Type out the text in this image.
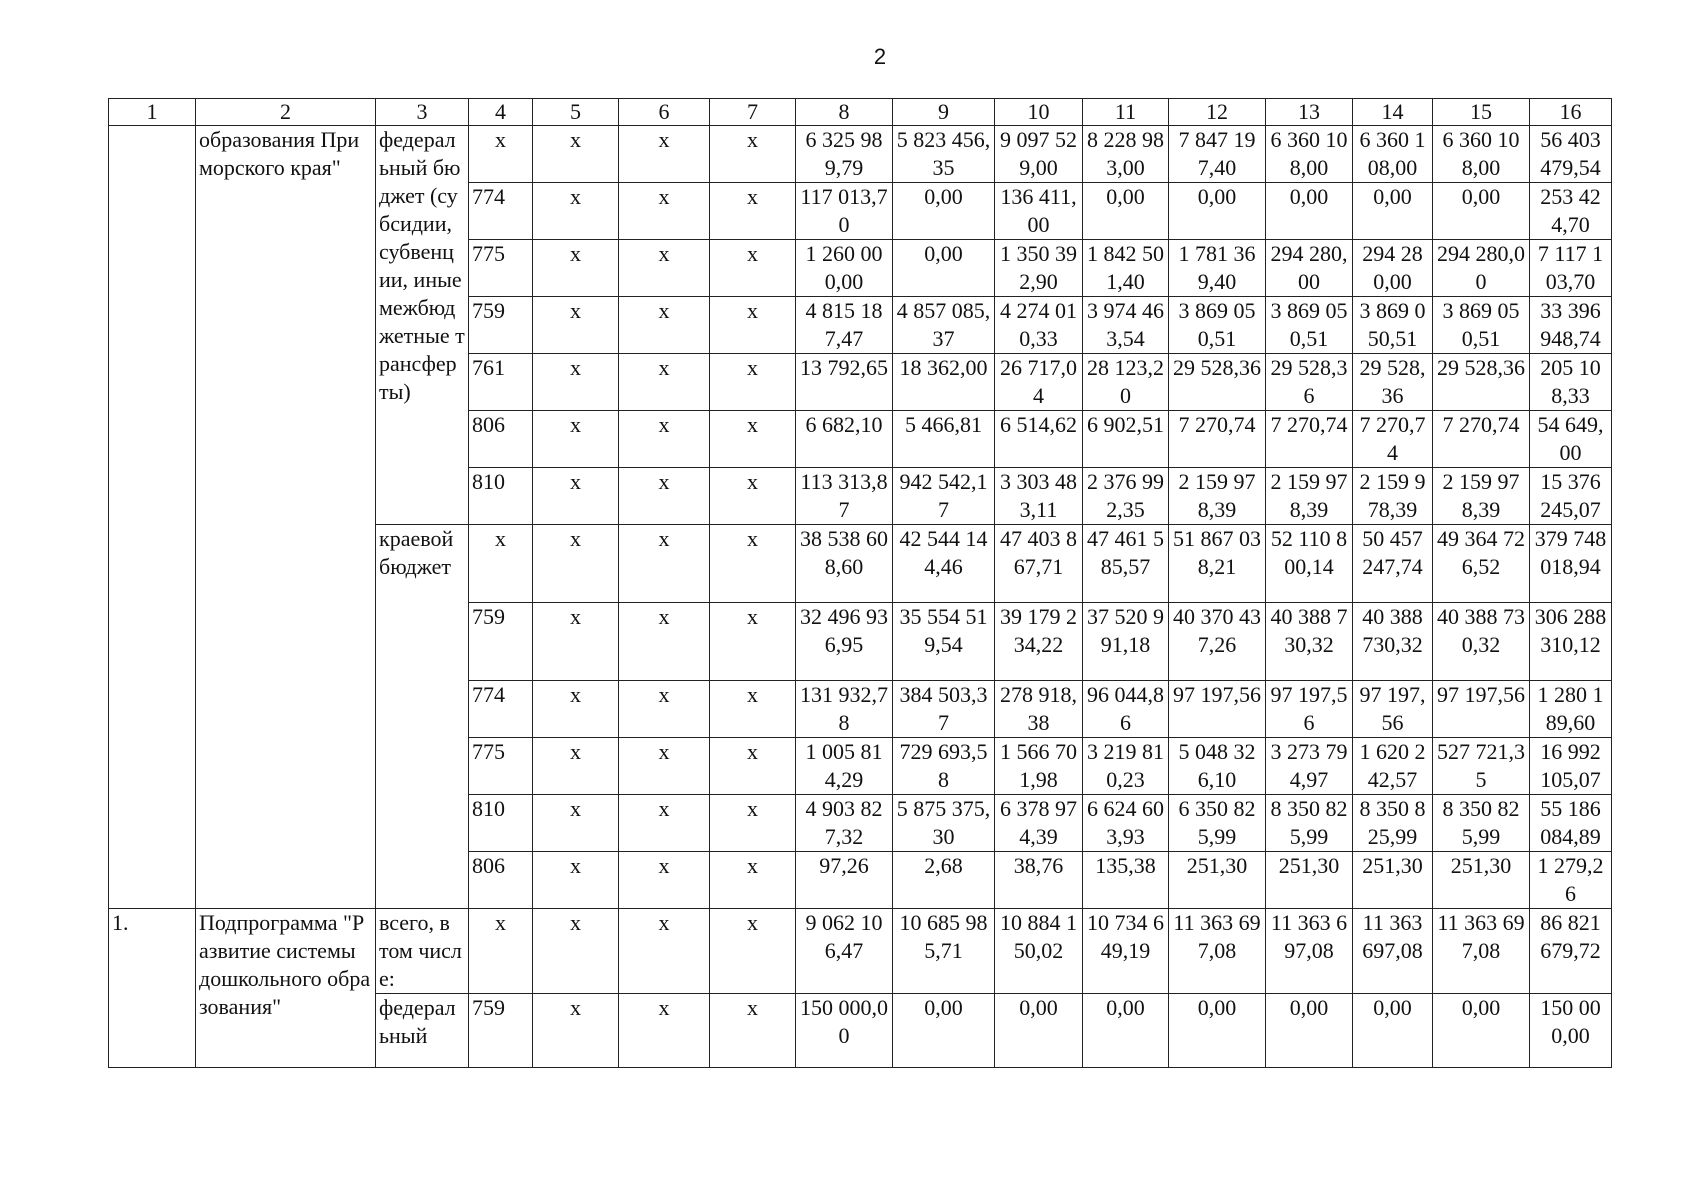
2
1	2	3	4	5	6	7	8	9	10	11	12	13	14	15	16
	образования Приморского края"	федеральный бюджет (субсидии, субвенции, иные межбюджетные трансферты)	x	x	x	x	6 325 989,79	5 823 456,35	9 097 529,00	8 228 983,00	7 847 197,40	6 360 108,00	6 360 108,00	6 360 108,00	56 403 479,54
			774	x	x	x	117 013,70	0,00	136 411,00	0,00	0,00	0,00	0,00	0,00	253 424,70
			775	x	x	x	1 260 000,00	0,00	1 350 392,90	1 842 501,40	1 781 369,40	294 280,00	294 280,00	294 280,00	7 117 103,70
			759	x	x	x	4 815 187,47	4 857 085,37	4 274 010,33	3 974 463,54	3 869 050,51	3 869 050,51	3 869 050,51	3 869 050,51	33 396 948,74
			761	x	x	x	13 792,65	18 362,00	26 717,04	28 123,20	29 528,36	29 528,36	29 528,36	29 528,36	205 108,33
			806	x	x	x	6 682,10	5 466,81	6 514,62	6 902,51	7 270,74	7 270,74	7 270,74	7 270,74	54 649,00
			810	x	x	x	113 313,87	942 542,17	3 303 483,11	2 376 992,35	2 159 978,39	2 159 978,39	2 159 978,39	2 159 978,39	15 376 245,07
		краевой бюджет	x	x	x	x	38 538 608,60	42 544 144,46	47 403 867,71	47 461 585,57	51 867 038,21	52 110 800,14	50 457 247,74	49 364 726,52	379 748 018,94
			759	x	x	x	32 496 936,95	35 554 519,54	39 179 234,22	37 520 991,18	40 370 437,26	40 388 730,32	40 388 730,32	40 388 730,32	306 288 310,12
			774	x	x	x	131 932,78	384 503,37	278 918,38	96 044,86	97 197,56	97 197,56	97 197,56	97 197,56	1 280 189,60
			775	x	x	x	1 005 814,29	729 693,58	1 566 701,98	3 219 810,23	5 048 326,10	3 273 794,97	1 620 242,57	527 721,35	16 992 105,07
			810	x	x	x	4 903 827,32	5 875 375,30	6 378 974,39	6 624 603,93	6 350 825,99	8 350 825,99	8 350 825,99	8 350 825,99	55 186 084,89
			806	x	x	x	97,26	2,68	38,76	135,38	251,30	251,30	251,30	251,30	1 279,26
1.	Подпрограмма "Развитие системы дошкольного образования"	всего, в том числе:	x	x	x	x	9 062 106,47	10 685 985,71	10 884 150,02	10 734 649,19	11 363 697,08	11 363 697,08	11 363 697,08	11 363 697,08	86 821 679,72
		федеральный	759	x	x	x	150 000,00	0,00	0,00	0,00	0,00	0,00	0,00	0,00	150 000,00
